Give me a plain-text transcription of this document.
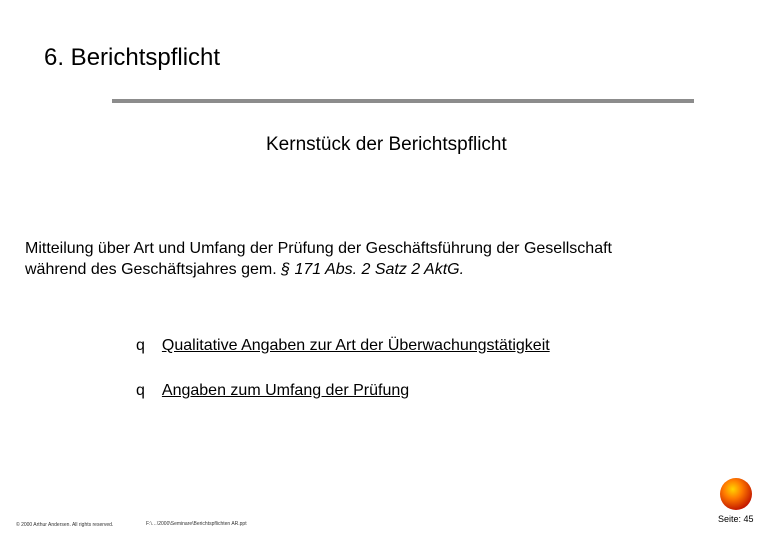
6. Berichtspflicht
Kernstück der Berichtspflicht
Mitteilung über Art und Umfang der Prüfung der Geschäftsführung der Gesellschaft
während des Geschäftsjahres gem. § 171 Abs. 2 Satz 2 AktG.
q	Qualitative Angaben zur Art der Überwachungstätigkeit
q	Angaben zum Umfang der Prüfung
© 2000 Arthur Andersen. All rights reserved.	F:\…\2000\Seminare\Berichtspflichten AR.ppt	Seite: 45
